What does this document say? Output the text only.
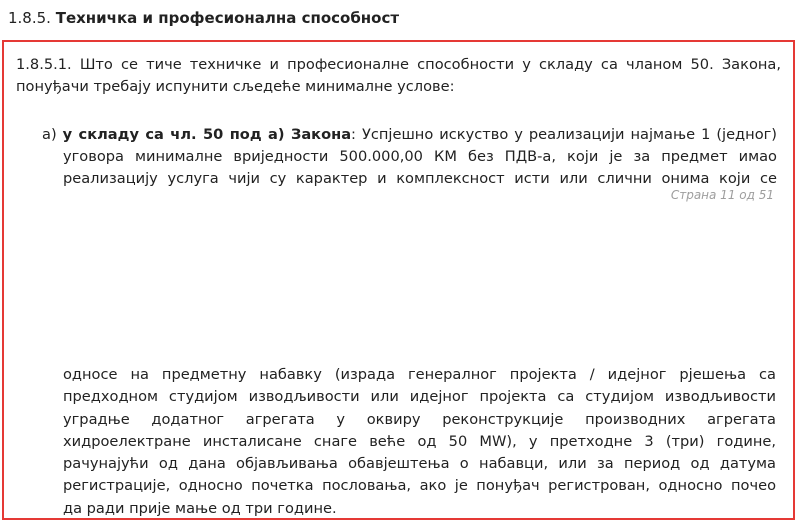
1.8.5. Техничка и професионална способност
1.8.5.1. Што се тиче техничке и професионалне способности у складу са чланом 50. Закона, понуђачи требају испунити сљедеће минималне услове:
а) у складу са чл. 50 под а) Закона: Успјешно искуство у реализацији најмање 1 (једног)
уговора минималне вриједности 500.000,00 КМ без ПДВ-а, који је за предмет имао
реализацију услуга чији су карактер и комплексност исти или слични онима који се
Страна 11 од 51
односе на предметну набавку (израда генералног пројекта / идејног рјешења са
предходном студијом изводљивости или идејног пројекта са студијом изводљивости
уградње додатног агрегата у оквиру реконструкције производних агрегата
хидроелектране инсталисане снаге веће од 50 MW), у претходне 3 (три) године,
рачунајући од дана објављивања обавјештења о набавци, или за период од датума
регистрације, односно почетка пословања, ако је понуђач регистрован, односно почео
да ради прије мање од три године.
